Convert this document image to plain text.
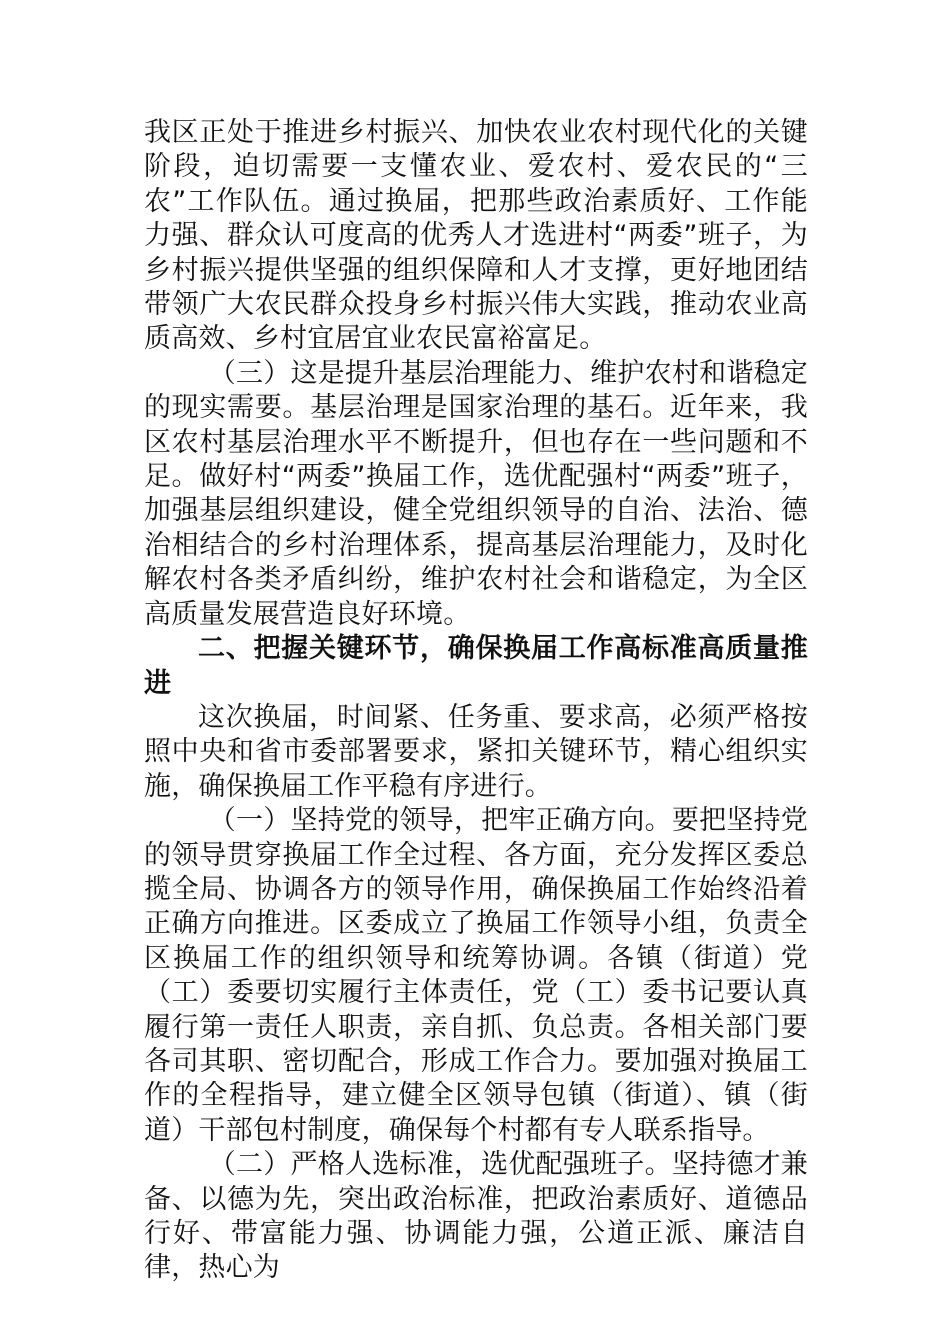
我区正处于推进乡村振兴、加快农业农村现代化的关键阶段，迫切需要一支懂农业、爱农村、爱农民的“三农”工作队伍。通过换届，把那些政治素质好、工作能力强、群众认可度高的优秀人才选进村“两委”班子，为乡村振兴提供坚强的组织保障和人才支撑，更好地团结带领广大农民群众投身乡村振兴伟大实践，推动农业高质高效、乡村宜居宜业农民富裕富足。

（三）这是提升基层治理能力、维护农村和谐稳定的现实需要。基层治理是国家治理的基石。近年来，我区农村基层治理水平不断提升，但也存在一些问题和不足。做好村“两委”换届工作，选优配强村“两委”班子，加强基层组织建设，健全党组织领导的自治、法治、德治相结合的乡村治理体系，提高基层治理能力，及时化解农村各类矛盾纠纷，维护农村社会和谐稳定，为全区高质量发展营造良好环境。

二、把握关键环节，确保换届工作高标准高质量推进

这次换届，时间紧、任务重、要求高，必须严格按照中央和省市委部署要求，紧扣关键环节，精心组织实施，确保换届工作平稳有序进行。

（一）坚持党的领导，把牢正确方向。要把坚持党的领导贯穿换届工作全过程、各方面，充分发挥区委总揽全局、协调各方的领导作用，确保换届工作始终沿着正确方向推进。区委成立了换届工作领导小组，负责全区换届工作的组织领导和统筹协调。各镇（街道）党（工）委要切实履行主体责任，党（工）委书记要认真履行第一责任人职责，亲自抓、负总责。各相关部门要各司其职、密切配合，形成工作合力。要加强对换届工作的全程指导，建立健全区领导包镇（街道）、镇（街道）干部包村制度，确保每个村都有专人联系指导。

（二）严格人选标准，选优配强班子。坚持德才兼备、以德为先，突出政治标准，把政治素质好、道德品行好、带富能力强、协调能力强，公道正派、廉洁自律，热心为
